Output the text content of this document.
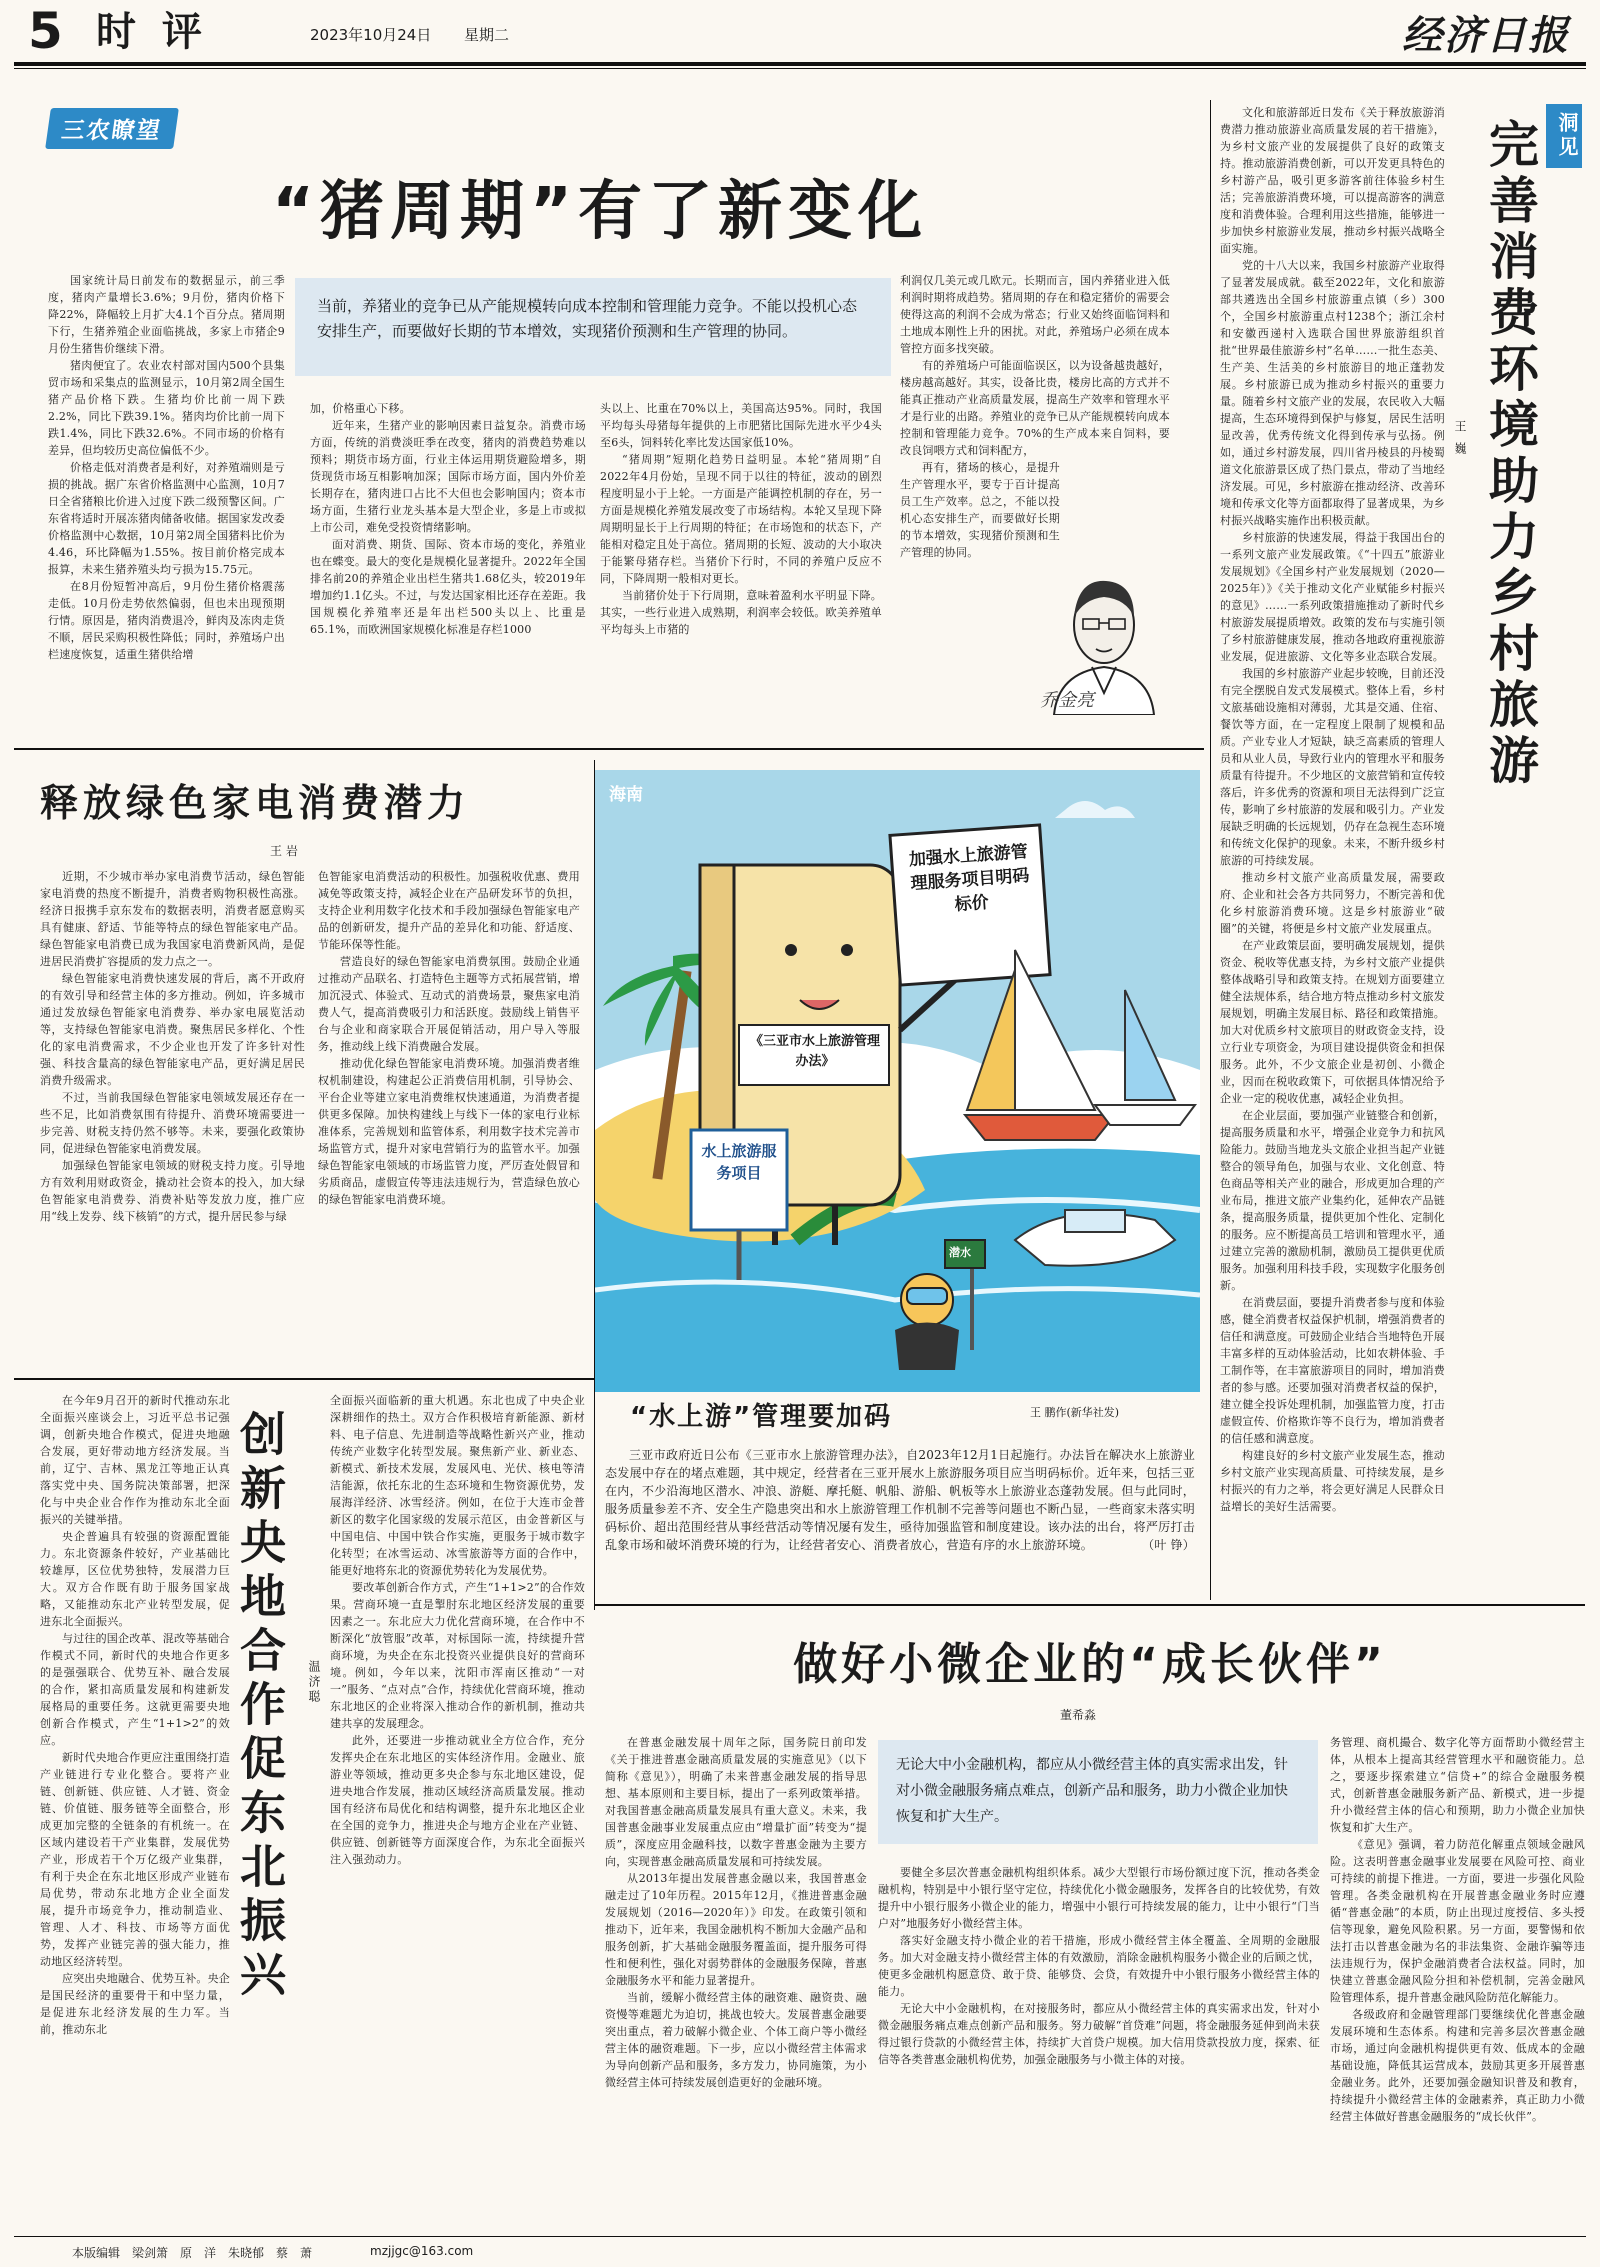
5 时 评	2023年10月24日 星期二	经济日报
三农瞭望
“猪周期”有了新变化

国家统计局日前发布的数据显示，前三季度，猪肉产量增长3.6%；9月份，猪肉价格下降22%，降幅较上月扩大4.1个百分点。猪周期下行，生猪养殖企业面临挑战，多家上市猪企9月份生猪售价继续下滑。

猪肉便宜了。农业农村部对国内500个县集贸市场和采集点的监测显示，10月第2周全国生猪产品价格下跌。生猪均价比前一周下跌2.2%，同比下跌39.1%。猪肉均价比前一周下跌1.4%，同比下跌32.6%。不同市场的价格有差异，但均较历史高位偏低不少。

价格走低对消费者是利好，对养殖端则是亏损的挑战。据广东省价格监测中心监测，10月7日全省猪粮比价进入过度下跌二级预警区间。广东省将适时开展冻猪肉储备收储。据国家发改委价格监测中心数据，10月第2周全国猪料比价为4.46，环比降幅为1.55%。按目前价格完成本报算，未来生猪养殖头均亏损为15.75元。

在8月份短暂冲高后，9月份生猪价格震荡走低。10月份走势依然偏弱，但也未出现预期行情。原因是，猪肉消费退冷，鲜肉及冻肉走货不顺，居民采购积极性降低；同时，养殖场户出栏速度恢复，适重生猪供给增

当前，养猪业的竞争已从产能规模转向成本控制和管理能力竞争。不能以投机心态安排生产，而要做好长期的节本增效，实现猪价预测和生产管理的协同。

加，价格重心下移。

近年来，生猪产业的影响因素日益复杂。消费市场方面，传统的消费淡旺季在改变，猪肉的消费趋势难以预料；期货市场方面，行业主体运用期货避险增多，期货现货市场互相影响加深；国际市场方面，国内外价差长期存在，猪肉进口占比不大但也会影响国内；资本市场方面，生猪行业龙头基本是大型企业，多是上市或拟上市公司，难免受投资情绪影响。

面对消费、期货、国际、资本市场的变化，养殖业也在蝶变。最大的变化是规模化显著提升。2022年全国排名前20的养殖企业出栏生猪共1.68亿头，较2019年增加约1.1亿头。不过，与发达国家相比还存在差距。我国规模化养殖率还是年出栏500头以上、比重是65.1%，而欧洲国家规模化标准是存栏1000

头以上、比重在70%以上，美国高达95%。同时，我国平均每头母猪每年提供的上市肥猪比国际先进水平少4头至6头，饲料转化率比发达国家低10%。

“猪周期”短期化趋势日益明显。本轮“猪周期”自2022年4月份始，呈现不同于以往的特征，波动的剧烈程度明显小于上轮。一方面是产能调控机制的存在，另一方面是规模化养殖发展改变了市场结构。本轮又呈现下降周期明显长于上行周期的特征；在市场饱和的状态下，产能相对稳定且处于高位。猪周期的长短、波动的大小取决于能繁母猪存栏。当猪价下行时，不同的养殖户反应不同，下降周期一般相对更长。

当前猪价处于下行周期，意味着盈利水平明显下降。其实，一些行业进入成熟期，利润率会较低。欧美养殖单平均每头上市猪的

利润仅几美元或几欧元。长期而言，国内养猪业进入低利润时期将成趋势。猪周期的存在和稳定猪价的需要会使得这高的利润不会成为常态；行业又始终面临饲料和土地成本刚性上升的困扰。对此，养殖场户必须在成本管控方面多找突破。

有的养殖场户可能面临误区，以为设备越贵越好，楼房越高越好。其实，设备比贵，楼房比高的方式并不能真正推动产业高质量发展，提高生产效率和管理水平才是行业的出路。养殖业的竞争已从产能规模转向成本控制和管理能力竞争。70%的生产成本来自饲料，要改良饲喂方式和饲料配方，

再有，猪场的核心，是提升生产管理水平，要专于百计提高员工生产效率。总之，不能以投机心态安排生产，而要做好长期的节本增效，实现猪价预测和生产管理的协同。

乔金亮

文化和旅游部近日发布《关于释放旅游消费潜力推动旅游业高质量发展的若干措施》，为乡村文旅产业的发展提供了良好的政策支持。推动旅游消费创新，可以开发更具特色的乡村游产品，吸引更多游客前往体验乡村生活；完善旅游消费环境，可以提高游客的满意度和消费体验。合理利用这些措施，能够进一步加快乡村旅游业发展，推动乡村振兴战略全面实施。

党的十八大以来，我国乡村旅游产业取得了显著发展成就。截至2022年，文化和旅游部共遴选出全国乡村旅游重点镇（乡）300个，全国乡村旅游重点村1238个；浙江余村和安徽西递村入选联合国世界旅游组织首批“世界最佳旅游乡村”名单……一批生态美、生产美、生活美的乡村旅游目的地正蓬勃发展。乡村旅游已成为推动乡村振兴的重要力量。随着乡村文旅产业的发展，农民收入大幅提高，生态环境得到保护与修复，居民生活明显改善，优秀传统文化得到传承与弘扬。例如，通过乡村游发展，四川省丹棱县的丹棱蜀道文化旅游景区成了热门景点，带动了当地经济发展。可见，乡村旅游在推动经济、改善环境和传承文化等方面都取得了显著成果，为乡村振兴战略实施作出积极贡献。

乡村旅游的快速发展，得益于我国出台的一系列文旅产业发展政策。《“十四五”旅游业发展规划》《全国乡村产业发展规划（2020—2025年）》《关于推动文化产业赋能乡村振兴的意见》……一系列政策措施推动了新时代乡村旅游发展提质增效。政策的发布与实施引领了乡村旅游健康发展，推动各地政府重视旅游业发展，促进旅游、文化等多业态联合发展。

我国的乡村旅游产业起步较晚，目前还没有完全摆脱自发式发展模式。整体上看，乡村文旅基础设施相对薄弱，尤其是交通、住宿、餐饮等方面，在一定程度上限制了规模和品质。产业专业人才短缺，缺乏高素质的管理人员和从业人员，导致行业内的管理水平和服务质量有待提升。不少地区的文旅营销和宣传较落后，许多优秀的资源和项目无法得到广泛宣传，影响了乡村旅游的发展和吸引力。产业发展缺乏明确的长远规划，仍存在急视生态环境和传统文化保护的现象。未来，不断升级乡村旅游的可持续发展。

推动乡村文旅产业高质量发展，需要政府、企业和社会各方共同努力，不断完善和优化乡村旅游消费环境。这是乡村旅游业“破圈”的关键，将便是乡村文旅产业发展重点。

在产业政策层面，要明确发展规划，提供资金、税收等优惠支持，为乡村文旅产业提供整体战略引导和政策支持。在规划方面要建立健全法规体系，结合地方特点推动乡村文旅发展规划，明确主发展目标、路径和政策措施。加大对优质乡村文旅项目的财政资金支持，设立行业专项资金，为项目建设提供资金和担保服务。此外，不少文旅企业是初创、小微企业，因而在税收政策下，可依据具体情况给予企业一定的税收优惠，减轻企业负担。

在企业层面，要加强产业链整合和创新，提高服务质量和水平，增强企业竞争力和抗风险能力。鼓励当地龙头文旅企业担当起产业链整合的领导角色，加强与农业、文化创意、特色商品等相关产业的融合，形成更加合理的产业布局，推进文旅产业集约化，延伸农产品链条，提高服务质量，提供更加个性化、定制化的服务。应不断提高员工培训和管理水平，通过建立完善的激励机制，激励员工提供更优质服务。加强利用科技手段，实现数字化服务创新。

在消费层面，要提升消费者参与度和体验感，健全消费者权益保护机制，增强消费者的信任和满意度。可鼓励企业结合当地特色开展丰富多样的互动体验活动，比如农耕体验、手工制作等，在丰富旅游项目的同时，增加消费者的参与感。还要加强对消费者权益的保护，建立健全投诉处理机制，加强监管力度，打击虚假宣传、价格欺诈等不良行为，增加消费者的信任感和满意度。

构建良好的乡村文旅产业发展生态，推动乡村文旅产业实现高质量、可持续发展，是乡村振兴的有力之举，将会更好满足人民群众日益增长的美好生活需要。

王 巍 完善消费环境助力乡村旅游 洞见
释放绿色家电消费潜力
王 岩

近期，不少城市举办家电消费节活动，绿色智能家电消费的热度不断提升，消费者购物积极性高涨。经济日报携手京东发布的数据表明，消费者愿意购买具有健康、舒适、节能等特点的绿色智能家电产品。绿色智能家电消费已成为我国家电消费新风尚，是促进居民消费扩容提质的发力点之一。

绿色智能家电消费快速发展的背后，离不开政府的有效引导和经营主体的多方推动。例如，许多城市通过发放绿色智能家电消费券、举办家电展览活动等，支持绿色智能家电消费。聚焦居民多样化、个性化的家电消费需求，不少企业也开发了许多针对性强、科技含量高的绿色智能家电产品，更好满足居民消费升级需求。

不过，当前我国绿色智能家电领域发展还存在一些不足，比如消费氛围有待提升、消费环境需要进一步完善、财税支持仍然不够等。未来，要强化政策协同，促进绿色智能家电消费发展。

加强绿色智能家电领域的财税支持力度。引导地方有效利用财政资金，撬动社会资本的投入，加大绿色智能家电消费券、消费补贴等发放力度，推广应用“线上发券、线下核销”的方式，提升居民参与绿

色智能家电消费活动的积极性。加强税收优惠、费用减免等政策支持，减轻企业在产品研发环节的负担，支持企业利用数字化技术和手段加强绿色智能家电产品的创新研发，提升产品的差异化和功能、舒适度、节能环保等性能。

营造良好的绿色智能家电消费氛围。鼓励企业通过推动产品联名、打造特色主题等方式拓展营销，增加沉浸式、体验式、互动式的消费场景，聚焦家电消费人气，提高消费吸引力和活跃度。鼓励线上销售平台与企业和商家联合开展促销活动，用户导入等服务，推动线上线下消费融合发展。

推动优化绿色智能家电消费环境。加强消费者维权机制建设，构建起公正消费信用机制，引导协会、平台企业等建立家电消费维权快速通道，为消费者提供更多保障。加快构建线上与线下一体的家电行业标准体系，完善规划和监管体系，利用数字技术完善市场监管方式，提升对家电营销行为的监管水平。加强绿色智能家电领域的市场监管力度，严厉查处假冒和劣质商品，虚假宣传等违法违规行为，营造绿色放心的绿色智能家电消费环境。

海南
加强水上旅游管理服务项目明码标价
《三亚市水上旅游管理办法》
水上旅游服务项目
潜水
“水上游”管理要加码	王 鹏作(新华社发)

三亚市政府近日公布《三亚市水上旅游管理办法》，自2023年12月1日起施行。办法旨在解决水上旅游业态发展中存在的堵点难题，其中规定，经营者在三亚开展水上旅游服务项目应当明码标价。近年来，包括三亚在内，不少沿海地区潜水、冲浪、游艇、摩托艇、帆船、游船、帆板等水上旅游业态蓬勃发展。但与此同时，服务质量参差不齐、安全生产隐患突出和水上旅游管理工作机制不完善等问题也不断凸显，一些商家未落实明码标价、超出范围经营从事经营活动等情况屡有发生，亟待加强监管和制度建设。该办法的出台，将严厉打击乱象市场和破坏消费环境的行为，让经营者安心、消费者放心，营造有序的水上旅游环境。	（叶 铮）

在今年9月召开的新时代推动东北全面振兴座谈会上，习近平总书记强调，创新央地合作模式，促进央地融合发展，更好带动地方经济发展。当前，辽宁、吉林、黑龙江等地正认真落实党中央、国务院决策部署，把深化与中央企业合作作为推动东北全面振兴的关键举措。

央企普遍具有较强的资源配置能力。东北资源条件较好，产业基础比较雄厚，区位优势独特，发展潜力巨大。双方合作既有助于服务国家战略，又能推动东北产业转型发展，促进东北全面振兴。

与过往的国企改革、混改等基础合作模式不同，新时代的央地合作更多的是强强联合、优势互补、融合发展的合作，紧扣高质量发展和构建新发展格局的重要任务。这就更需要央地创新合作模式，产生“1+1>2”的效应。

新时代央地合作更应注重围绕打造产业链进行专业化整合。要将产业链、创新链、供应链、人才链、资金链、价值链、服务链等全面整合，形成更加完整的全链条的有机统一。在区域内建设若干产业集群，发展优势产业，形成若干个万亿级产业集群，有利于央企在东北地区形成产业链布局优势，带动东北地方企业全面发展，提升市场竞争力，推动制造业、管理、人才、科技、市场等方面优势，发挥产业链完善的强大能力，推动地区经济转型。

应突出央地融合、优势互补。央企是国民经济的重要骨干和中坚力量，是促进东北经济发展的生力军。当前，推动东北

创新央地合作促东北振兴 温济聪

全面振兴面临新的重大机遇。东北也成了中央企业深耕细作的热土。双方合作积极培育新能源、新材料、电子信息、先进制造等战略性新兴产业，推动传统产业数字化转型发展。聚焦新产业、新业态、新模式、新技术发展，发展风电、光伏、核电等清洁能源，依托东北的生态环境和生物资源优势，发展海洋经济、冰雪经济。例如，在位于大连市金普新区的数字化国家级的发展示范区，由金普新区与中国电信、中国中铁合作实施，更服务于城市数字化转型；在冰雪运动、冰雪旅游等方面的合作中，能更好地将东北的资源优势转化为发展优势。

要改革创新合作方式，产生“1+1>2”的合作效果。营商环境一直是掣肘东北地区经济发展的重要因素之一。东北应大力优化营商环境，在合作中不断深化“放管服”改革，对标国际一流，持续提升营商环境，为央企在东北投资兴业提供良好的营商环境。例如，今年以来，沈阳市浑南区推动“一对一”服务、“点对点”合作，持续优化营商环境，推动东北地区的企业将深入推动合作的新机制，推动共建共享的发展理念。

此外，还要进一步推动就业全方位合作，充分发挥央企在东北地区的实体经济作用。金融业、旅游业等领域，推动更多央企参与东北地区建设，促进央地合作发展，推动区域经济高质量发展。推动国有经济布局优化和结构调整，提升东北地区企业在全国的竞争力，推进央企与地方企业在产业链、供应链、创新链等方面深度合作，为东北全面振兴注入强劲动力。

做好小微企业的“成长伙伴”
董希淼

在普惠金融发展十周年之际，国务院日前印发《关于推进普惠金融高质量发展的实施意见》（以下简称《意见》），明确了未来普惠金融发展的指导思想、基本原则和主要目标，提出了一系列政策举措。对我国普惠金融高质量发展具有重大意义。未来，我国普惠金融事业发展重点应由“增量扩面”转变为“提质”，深度应用金融科技，以数字普惠金融为主要方向，实现普惠金融高质量发展和可持续发展。

从2013年提出发展普惠金融以来，我国普惠金融走过了10年历程。2015年12月，《推进普惠金融发展规划（2016—2020年）》印发。在政策引领和推动下，近年来，我国金融机构不断加大金融产品和服务创新，扩大基础金融服务覆盖面，提升服务可得性和便利性，强化对弱势群体的金融服务保障，普惠金融服务水平和能力显著提升。

当前，缓解小微经营主体的融资难、融资贵、融资慢等难题尤为迫切，挑战也较大。发展普惠金融要突出重点，着力破解小微企业、个体工商户等小微经营主体的融资难题。下一步，应以小微经营主体需求为导向创新产品和服务，多方发力，协同施策，为小微经营主体可持续发展创造更好的金融环境。

无论大中小金融机构，都应从小微经营主体的真实需求出发，针对小微金融服务痛点难点，创新产品和服务，助力小微企业加快恢复和扩大生产。

要健全多层次普惠金融机构组织体系。减少大型银行市场份额过度下沉，推动各类金融机构，特别是中小银行坚守定位，持续优化小微金融服务，发挥各自的比较优势，有效提升中小银行服务小微企业的能力，增强中小银行可持续发展的能力，让中小银行“门当户对”地服务好小微经营主体。

落实好金融支持小微企业的若干措施，形成小微经营主体全覆盖、全周期的金融服务。加大对金融支持小微经营主体的有效激励，消除金融机构服务小微企业的后顾之忧，使更多金融机构愿意贷、敢于贷、能够贷、会贷，有效提升中小银行服务小微经营主体的能力。

无论大中小金融机构，在对接服务时，都应从小微经营主体的真实需求出发，针对小微金融服务痛点难点创新产品和服务。努力破解“首贷难”问题，将金融服务延伸到尚未获得过银行贷款的小微经营主体，持续扩大首贷户规模。加大信用贷款投放力度，探索、征信等各类普惠金融机构优势，加强金融服务与小微主体的对接。

务管理、商机撮合、数字化等方面帮助小微经营主体，从根本上提高其经营管理水平和融资能力。总之，要逐步探索建立“信贷+”的综合金融服务模式，创新普惠金融服务新产品、新模式，进一步提升小微经营主体的信心和预期，助力小微企业加快恢复和扩大生产。

《意见》强调，着力防范化解重点领域金融风险。这表明普惠金融事业发展要在风险可控、商业可持续的前提下推进。一方面，要进一步强化风险管理。各类金融机构在开展普惠金融业务时应遵循“普惠金融”的本质，防止出现过度授信、多头授信等现象，避免风险积累。另一方面，要警惕和依法打击以普惠金融为名的非法集资、金融诈骗等违法违规行为，保护金融消费者合法权益。同时，加快建立普惠金融风险分担和补偿机制，完善金融风险管理体系，提升普惠金融风险防范化解能力。

各级政府和金融管理部门要继续优化普惠金融发展环境和生态体系。构建和完善多层次普惠金融市场，通过向金融机构提供更有效、低成本的金融基础设施，降低其运营成本，鼓励其更多开展普惠金融业务。此外，还要加强金融知识普及和教育，持续提升小微经营主体的金融素养，真正助力小微经营主体做好普惠金融服务的“成长伙伴”。

本版编辑　梁剑箫　原　洋　朱晓郁　蔡　萧	mzjjgc@163.com
